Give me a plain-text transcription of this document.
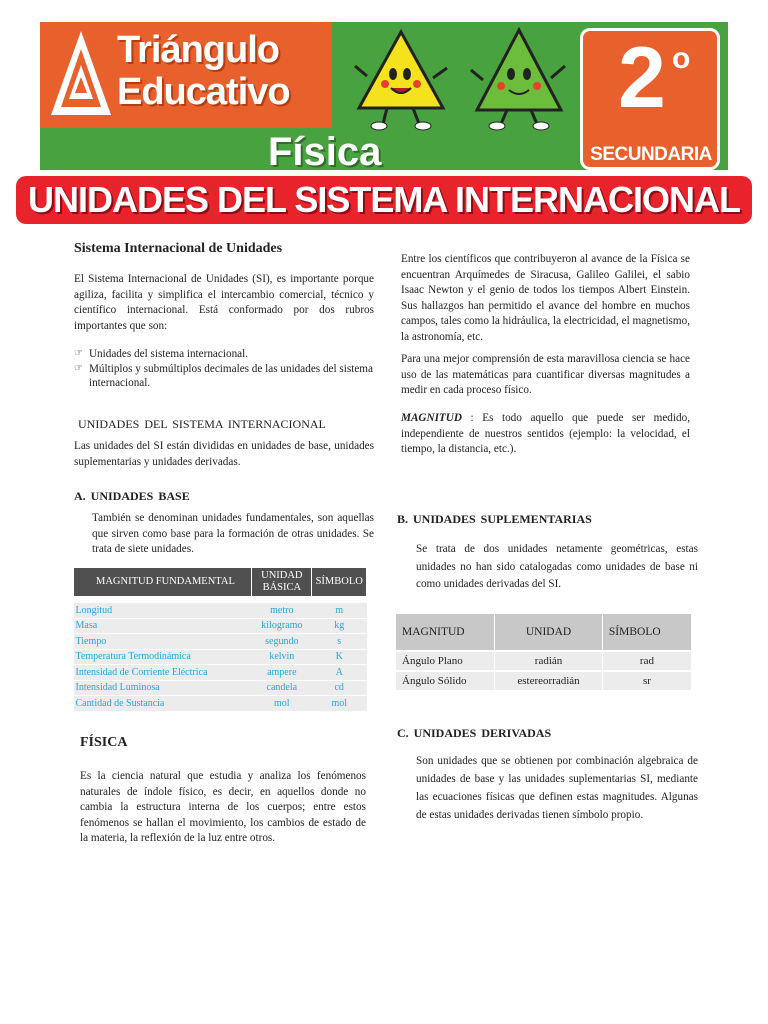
Triángulo
Educativo
Física
2 o
SECUNDARIA
UNIDADES DEL SISTEMA INTERNACIONAL
Sistema Internacional de Unidades
El Sistema Internacional de Unidades (SI), es importante porque agiliza, facilita y simplifica el intercambio comercial, técnico y científico internacional. Está conformado por dos rubros importantes que son:
☞ Unidades del sistema internacional.
☞ Múltiplos y submúltiplos decimales de las unidades del sistema internacional.
UNIDADES DEL SISTEMA INTERNACIONAL
Las unidades del SI están divididas en unidades de base, unidades suplementarias y unidades derivadas.
A. UNIDADES BASE
También se denominan unidades fundamentales, son aquellas que sirven como base para la formación de otras unidades. Se trata de siete unidades.
MAGNITUD FUNDAMENTAL	UNIDAD BÁSICA	SÍMBOLO

Longitud	metro	m
Masa	kilogramo	kg
Tiempo	segundo	s
Temperatura Termodinámica	kelvin	K
Intensidad de Corriente Eléctrica	ampere	A
Intensidad Luminosa	candela	cd
Cantidad de Sustancia	mol	mol
FÍSICA
Es la ciencia natural que estudia y analiza los fenómenos naturales de índole físico, es decir, en aquellos donde no cambia la estructura interna de los cuerpos; entre estos fenómenos se hallan el movimiento, los cambios de estado de la materia, la reflexión de la luz entre otros.
Entre los científicos que contribuyeron al avance de la Física se encuentran Arquímedes de Siracusa, Galileo Galilei, el sabio Isaac Newton y el genio de todos los tiempos Albert Einstein. Sus hallazgos han permitido el avance del hombre en muchos campos, tales como la hidráulica, la electricidad, el magnetismo, la astronomía, etc.
Para una mejor comprensión de esta maravillosa ciencia se hace uso de las matemáticas para cuantificar diversas magnitudes a medir en cada proceso físico.
MAGNITUD : Es todo aquello que puede ser medido, independiente de nuestros sentidos (ejemplo: la velocidad, el tiempo, la distancia, etc.).
B. UNIDADES SUPLEMENTARIAS
Se trata de dos unidades netamente geométricas, estas unidades no han sido catalogadas como unidades de base ni como unidades derivadas del SI.
MAGNITUD	UNIDAD	SÍMBOLO
Ángulo Plano	radián	rad
Ángulo Sólido	estereorradián	sr
C. UNIDADES DERIVADAS
Son unidades que se obtienen por combinación algebraica de unidades de base y las unidades suplementarias SI, mediante las ecuaciones físicas que definen estas magnitudes. Algunas de estas unidades derivadas tienen símbolo propio.
